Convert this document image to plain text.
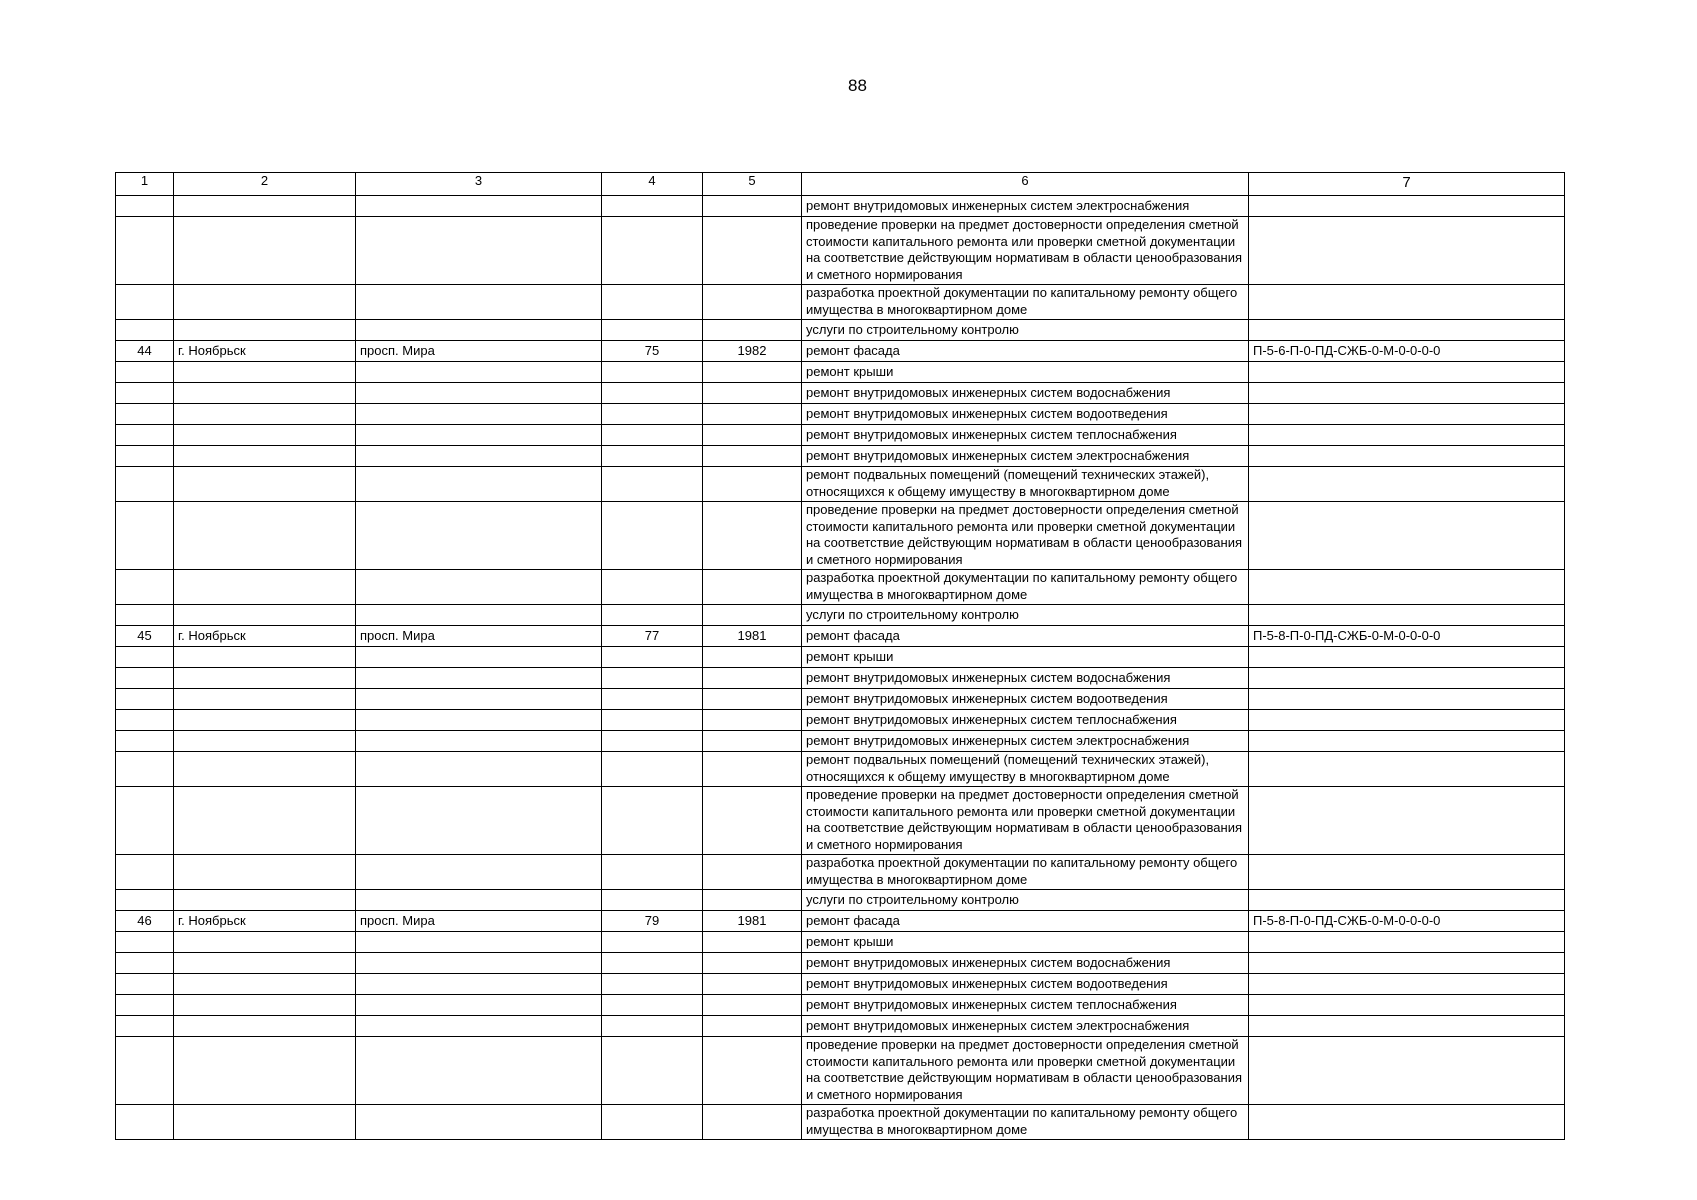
88
1	2	3	4	5	6	7
					ремонт внутридомовых инженерных систем электроснабжения	
					проведение проверки на предмет достоверности определения сметной стоимости капитального ремонта или проверки сметной документации на соответствие действующим нормативам в области ценообразования и сметного нормирования	
					разработка проектной документации по капитальному ремонту общего имущества в многоквартирном доме	
					услуги по строительному контролю	
44	г. Ноябрьск	просп. Мира	75	1982	ремонт фасада	П-5-6-П-0-ПД-СЖБ-0-М-0-0-0-0
					ремонт крыши	
					ремонт внутридомовых инженерных систем водоснабжения	
					ремонт внутридомовых инженерных систем водоотведения	
					ремонт внутридомовых инженерных систем теплоснабжения	
					ремонт внутридомовых инженерных систем электроснабжения	
					ремонт подвальных помещений (помещений технических этажей), относящихся к общему имуществу в многоквартирном доме	
					проведение проверки на предмет достоверности определения сметной стоимости капитального ремонта или проверки сметной документации на соответствие действующим нормативам в области ценообразования и сметного нормирования	
					разработка проектной документации по капитальному ремонту общего имущества в многоквартирном доме	
					услуги по строительному контролю	
45	г. Ноябрьск	просп. Мира	77	1981	ремонт фасада	П-5-8-П-0-ПД-СЖБ-0-М-0-0-0-0
					ремонт крыши	
					ремонт внутридомовых инженерных систем водоснабжения	
					ремонт внутридомовых инженерных систем водоотведения	
					ремонт внутридомовых инженерных систем теплоснабжения	
					ремонт внутридомовых инженерных систем электроснабжения	
					ремонт подвальных помещений (помещений технических этажей), относящихся к общему имуществу в многоквартирном доме	
					проведение проверки на предмет достоверности определения сметной стоимости капитального ремонта или проверки сметной документации на соответствие действующим нормативам в области ценообразования и сметного нормирования	
					разработка проектной документации по капитальному ремонту общего имущества в многоквартирном доме	
					услуги по строительному контролю	
46	г. Ноябрьск	просп. Мира	79	1981	ремонт фасада	П-5-8-П-0-ПД-СЖБ-0-М-0-0-0-0
					ремонт крыши	
					ремонт внутридомовых инженерных систем водоснабжения	
					ремонт внутридомовых инженерных систем водоотведения	
					ремонт внутридомовых инженерных систем теплоснабжения	
					ремонт внутридомовых инженерных систем электроснабжения	
					проведение проверки на предмет достоверности определения сметной стоимости капитального ремонта или проверки сметной документации на соответствие действующим нормативам в области ценообразования и сметного нормирования	
					разработка проектной документации по капитальному ремонту общего имущества в многоквартирном доме	
